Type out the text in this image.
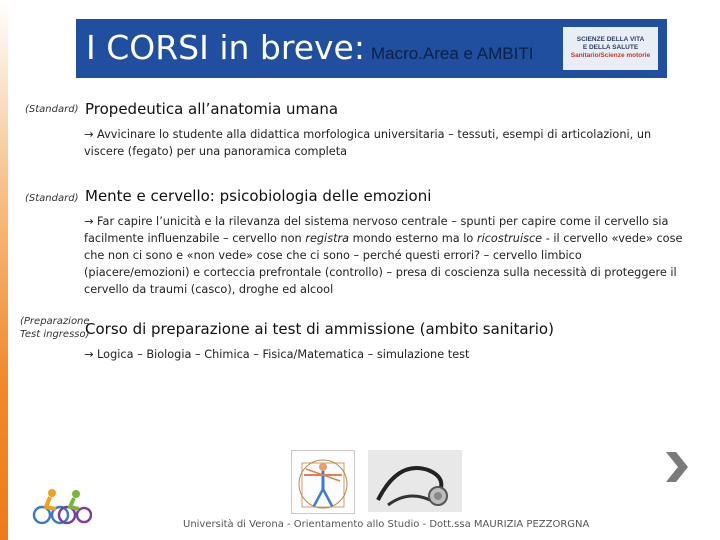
I CORSI in breve: Macro.Area e AMBITI
SCIENZE DELLA VITA
E DELLA SALUTE
Sanitario/Scienze motorie
(Standard) Propedeutica all’anatomia umana
→ Avvicinare lo studente alla didattica morfologica universitaria – tessuti, esempi di articolazioni, un viscere (fegato) per una panoramica completa
(Standard) Mente e cervello: psicobiologia delle emozioni
→ Far capire l’unicità e la rilevanza del sistema nervoso centrale – spunti per capire come il cervello sia facilmente influenzabile – cervello non registra mondo esterno ma lo ricostruisce - il cervello «vede» cose che non ci sono e «non vede» cose che ci sono – perché questi errori? – cervello limbico (piacere/emozioni) e corteccia prefrontale (controllo) – presa di coscienza sulla necessità di proteggere il cervello da traumi (casco), droghe ed alcool
(Preparazione
Test ingresso)
Corso di preparazione ai test di ammissione (ambito sanitario)
→ Logica – Biologia – Chimica – Fisica/Matematica – simulazione test
Università di Verona - Orientamento allo Studio - Dott.ssa MAURIZIA PEZZORGNA
